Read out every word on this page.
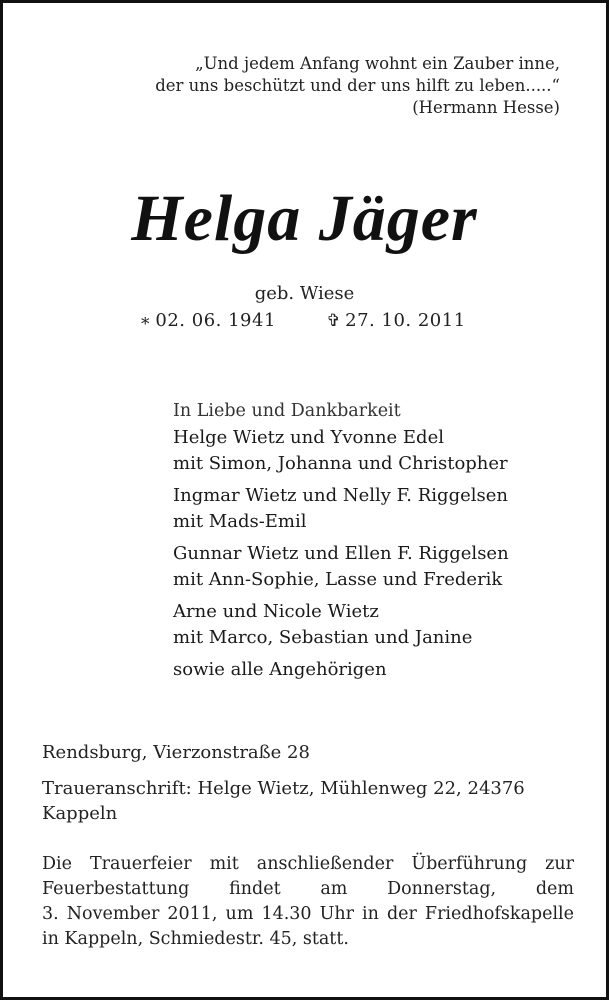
„Und jedem Anfang wohnt ein Zauber inne,
der uns beschützt und der uns hilft zu leben.....“
(Hermann Hesse)
Helga Jäger
geb. Wiese
∗ 02. 06. 1941	✞ 27. 10. 2011
In Liebe und Dankbarkeit
Helge Wietz und Yvonne Edel
mit Simon, Johanna und Christopher
Ingmar Wietz und Nelly F. Riggelsen
mit Mads-Emil
Gunnar Wietz und Ellen F. Riggelsen
mit Ann-Sophie, Lasse und Frederik
Arne und Nicole Wietz
mit Marco, Sebastian und Janine
sowie alle Angehörigen
Rendsburg, Vierzonstraße 28
Traueranschrift: Helge Wietz, Mühlenweg 22, 24376 Kappeln
Die Trauerfeier mit anschließender Überführung zur
Feuerbestattung findet am Donnerstag, dem
3. November 2011, um 14.30 Uhr in der Friedhofskapelle
in Kappeln, Schmiedestr. 45, statt.
